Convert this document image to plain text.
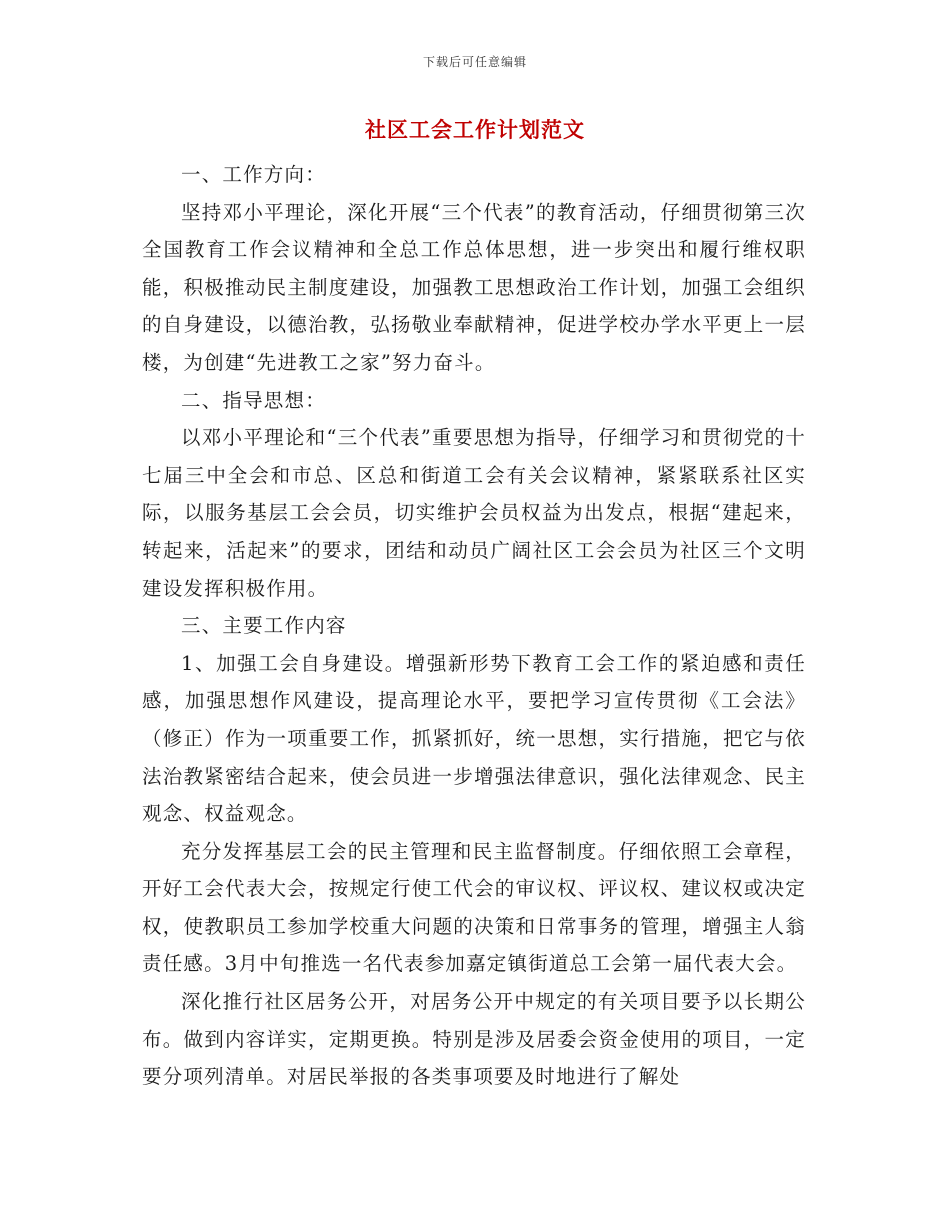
下载后可任意编辑
社区工会工作计划范文

一、工作方向：

坚持邓小平理论，深化开展“三个代表”的教育活动，仔细贯彻第三次全国教育工作会议精神和全总工作总体思想，进一步突出和履行维权职能，积极推动民主制度建设，加强教工思想政治工作计划，加强工会组织的自身建设，以德治教，弘扬敬业奉献精神，促进学校办学水平更上一层楼，为创建“先进教工之家”努力奋斗。

二、指导思想：

以邓小平理论和“三个代表”重要思想为指导，仔细学习和贯彻党的十七届三中全会和市总、区总和街道工会有关会议精神，紧紧联系社区实际，以服务基层工会会员，切实维护会员权益为出发点，根据“建起来，转起来，活起来”的要求，团结和动员广阔社区工会会员为社区三个文明建设发挥积极作用。

三、主要工作内容

1、加强工会自身建设。增强新形势下教育工会工作的紧迫感和责任感，加强思想作风建设，提高理论水平，要把学习宣传贯彻《工会法》（修正）作为一项重要工作，抓紧抓好，统一思想，实行措施，把它与依法治教紧密结合起来，使会员进一步增强法律意识，强化法律观念、民主观念、权益观念。

充分发挥基层工会的民主管理和民主监督制度。仔细依照工会章程，开好工会代表大会，按规定行使工代会的审议权、评议权、建议权或决定权，使教职员工参加学校重大问题的决策和日常事务的管理，增强主人翁责任感。3月中旬推选一名代表参加嘉定镇街道总工会第一届代表大会。

深化推行社区居务公开，对居务公开中规定的有关项目要予以长期公布。做到内容详实，定期更换。特别是涉及居委会资金使用的项目，一定要分项列清单。对居民举报的各类事项要及时地进行了解处
